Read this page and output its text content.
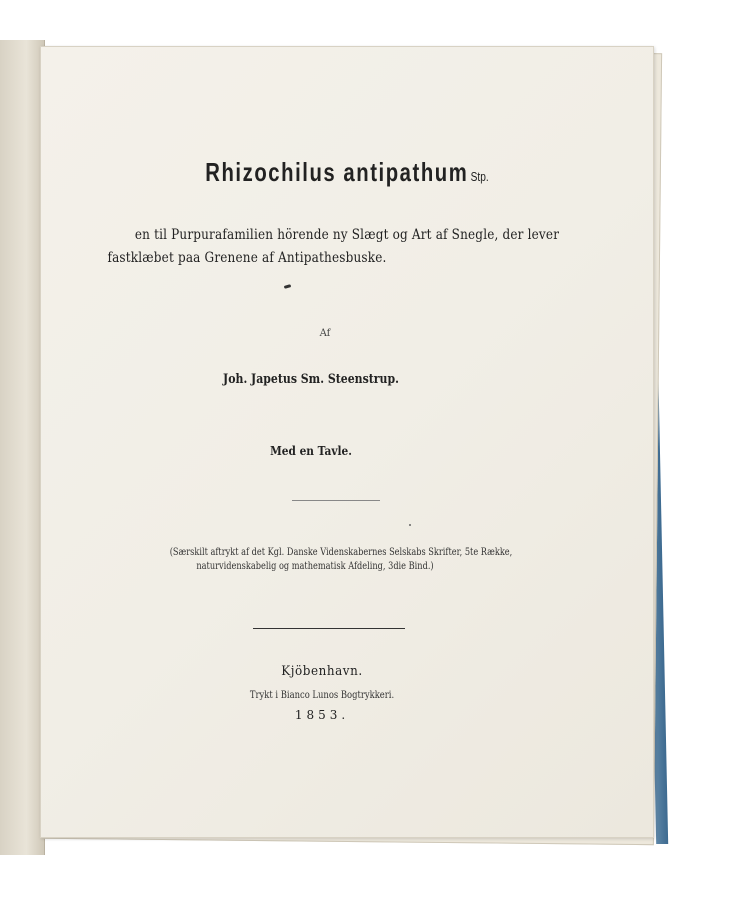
Rhizochilus antipathum Stp.
en til Purpurafamilien hörende ny Slægt og Art af Snegle, der lever
fastklæbet paa Grenene af Antipathesbuske.
Af
Joh. Japetus Sm. Steenstrup.
Med en Tavle.
(Særskilt aftrykt af det Kgl. Danske Videnskabernes Selskabs Skrifter, 5te Række,
naturvidenskabelig og mathematisk Afdeling, 3die Bind.)
Kjöbenhavn.
Trykt i Bianco Lunos Bogtrykkeri.
1853.
